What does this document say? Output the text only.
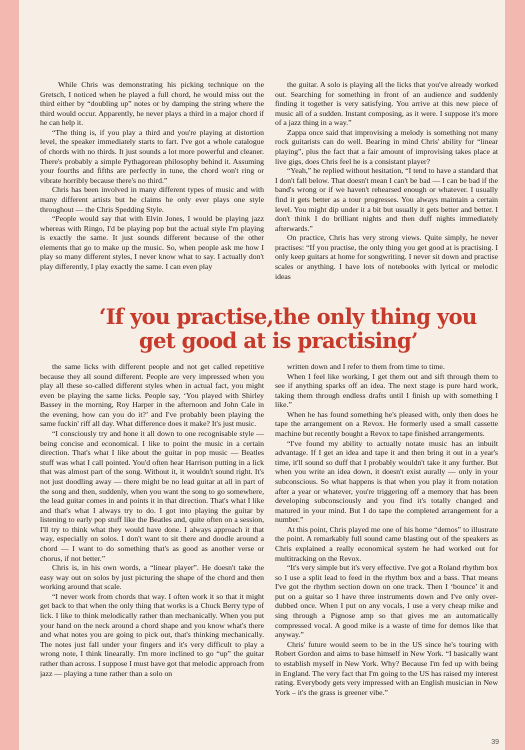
While Chris was demonstrating his picking technique on the Gretsch, I noticed when he played a full chord, he would miss out the third either by “doubling up” notes or by damping the string where the third would occur. Apparently, he never plays a third in a major chord if he can help it.

“The thing is, if you play a third and you're playing at distortion level, the speaker immediately starts to fart. I've got a whole catalogue of chords with no thirds. It just sounds a lot more powerful and cleaner. There's probably a simple Pythagorean philosophy behind it. Assuming your fourths and fifths are perfectly in tune, the chord won't ring or vibrate horribly because there's no third.”

Chris has been involved in many different types of music and with many different artists but he claims he only ever plays one style throughout — the Chris Spedding Style.

“People would say that with Elvin Jones, I would be playing jazz whereas with Ringo, I'd be playing pop but the actual style I'm playing is exactly the same. It just sounds different because of the other elements that go to make up the music. So, when people ask me how I play so many different styles, I never know what to say. I actually don't play differently, I play exactly the same. I can even play

the guitar. A solo is playing all the licks that you've already worked out. Searching for something in front of an audience and suddenly finding it together is very satisfying. You arrive at this new piece of music all of a sudden. Instant composing, as it were. I suppose it's more of a jazz thing in a way.”

Zappa once said that improvising a melody is something not many rock guitarists can do well. Bearing in mind Chris' ability for “linear playing”, plus the fact that a fair amount of improvising takes place at live gigs, does Chris feel he is a consistant player?

“Yeah,” he replied without hesitation, “I tend to have a standard that I don't fall below. That doesn't mean I can't be bad — I can be bad if the band's wrong or if we haven't rehearsed enough or whatever. I usually find it gets better as a tour progresses. You always maintain a certain level. You might dip under it a bit but usually it gets better and better. I don't think I do brilliant nights and then duff nights immediately afterwards.”

On practice, Chris has very strong views. Quite simply, he never practises: “If you practise, the only thing you get good at is practising. I only keep guitars at home for songwriting. I never sit down and practise scales or anything. I have lots of notebooks with lyrical or melodic ideas

‘If you practise,the only thing you
get good at is practising’

the same licks with different people and not get called repetitive because they all sound different. People are very impressed when you play all these so-called different styles when in actual fact, you might even be playing the same licks. People say, ‘You played with Shirley Bassey in the morning, Roy Harper in the afternoon and John Cale in the evening, how can you do it?’ and I've probably been playing the same fuckin' riff all day. What difference does it make? It's just music.

“I consciously try and hone it all down to one recognisable style — being concise and economical. I like to point the music in a certain direction. That's what I like about the guitar in pop music — Beatles stuff was what I call pointed. You'd often hear Harrison putting in a lick that was almost part of the song. Without it, it wouldn't sound right. It's not just doodling away — there might be no lead guitar at all in part of the song and then, suddenly, when you want the song to go somewhere, the lead guitar comes in and points it in that direction. That's what I like and that's what I always try to do. I got into playing the guitar by listening to early pop stuff like the Beatles and, quite often on a session, I'll try to think what they would have done. I always approach it that way, especially on solos. I don't want to sit there and doodle around a chord — I want to do something that's as good as another verse or chorus, if not better.”

Chris is, in his own words, a “linear player”. He doesn't take the easy way out on solos by just picturing the shape of the chord and then working around that scale.

“I never work from chords that way. I often work it so that it might get back to that when the only thing that works is a Chuck Berry type of lick. I like to think melodically rather than mechanically. When you put your hand on the neck around a chord shape and you know what's there and what notes you are going to pick out, that's thinking mechanically. The notes just fall under your fingers and it's very difficult to play a wrong note, I think linearally. I'm more inclined to go “up” the guitar rather than across. I suppose I must have got that melodic approach from jazz — playing a tune rather than a solo on

written down and I refer to them from time to time.

When I feel like working, I get them out and sift through them to see if anything sparks off an idea. The next stage is pure hard work, taking them through endless drafts until I finish up with something I like.”

When he has found something he's pleased with, only then does he tape the arrangement on a Revox. He formerly used a small cassette machine but recently bought a Revox to tape finished arrangements.

“I've found my ability to actually notate music has an inbuilt advantage. If I get an idea and tape it and then bring it out in a year's time, it'll sound so duff that I probably wouldn't take it any further. But when you write an idea down, it doesn't exist aurally — only in your subconscious. So what happens is that when you play it from notation after a year or whatever, you're triggering off a memory that has been developing subconsciously and you find it's totally changed and matured in your mind. But I do tape the completed arrangement for a number.”

At this point, Chris played me one of his home “demos” to illustrate the point. A remarkably full sound came blasting out of the speakers as Chris explained a really economical system he had worked out for multitracking on the Revox.

“It's very simple but it's very effective. I've got a Roland rhythm box so I use a split lead to feed in the rhythm box and a bass. That means I've got the rhythm section down on one track. Then I ‘bounce’ it and put on a guitar so I have three instruments down and I've only over-dubbed once. When I put on any vocals, I use a very cheap mike and sing through a Pignose amp so that gives me an automatically compressed vocal. A good mike is a waste of time for demos like that anyway.”

Chris' future would seem to be in the US since he's touring with Robert Gordon and aims to base himself in New York. “I basically want to establish myself in New York. Why? Because I'm fed up with being in England. The very fact that I'm going to the US has raised my interest rating. Everybody gets very impressed with an English musician in New York – it's the grass is greener vibe.”

39
